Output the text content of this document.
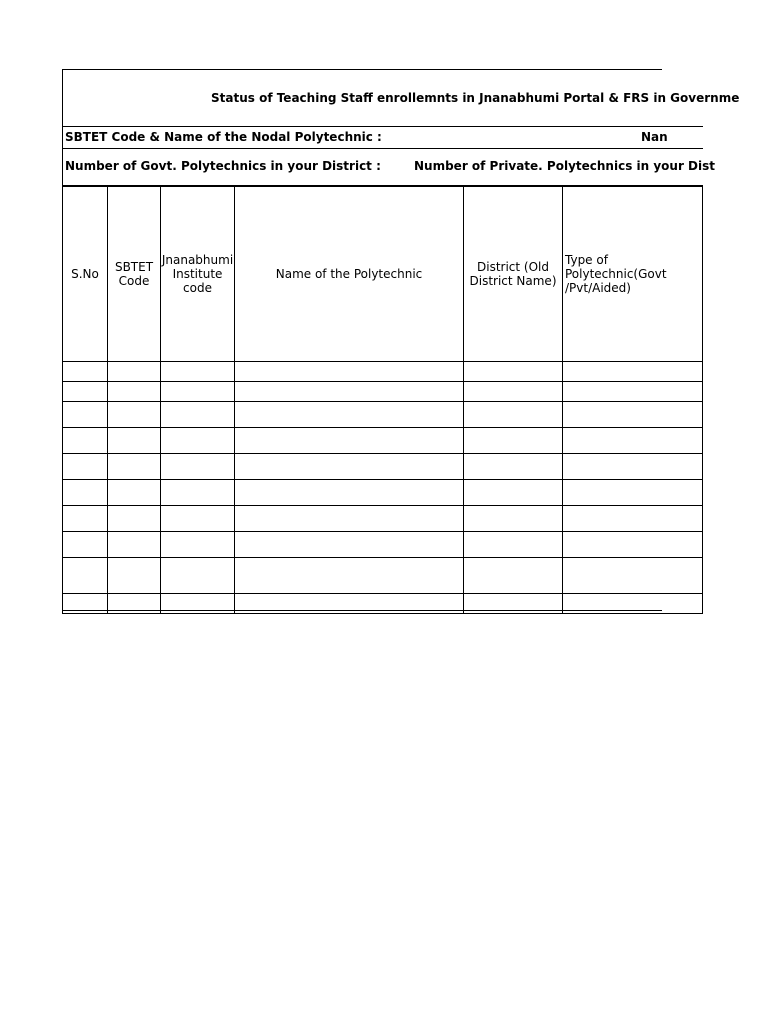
Status of Teaching Staff enrollemnts in Jnanabhumi Portal & FRS in Governme
SBTET Code & Name of the Nodal Polytechnic :	Nan
Number of Govt. Polytechnics in your District :	Number of Private. Polytechnics in your Dist
S.No	SBTET Code	Jnanabhumi Institute code	Name of the Polytechnic	District (Old District Name)	Type of Polytechnic(Govt /Pvt/Aided)
